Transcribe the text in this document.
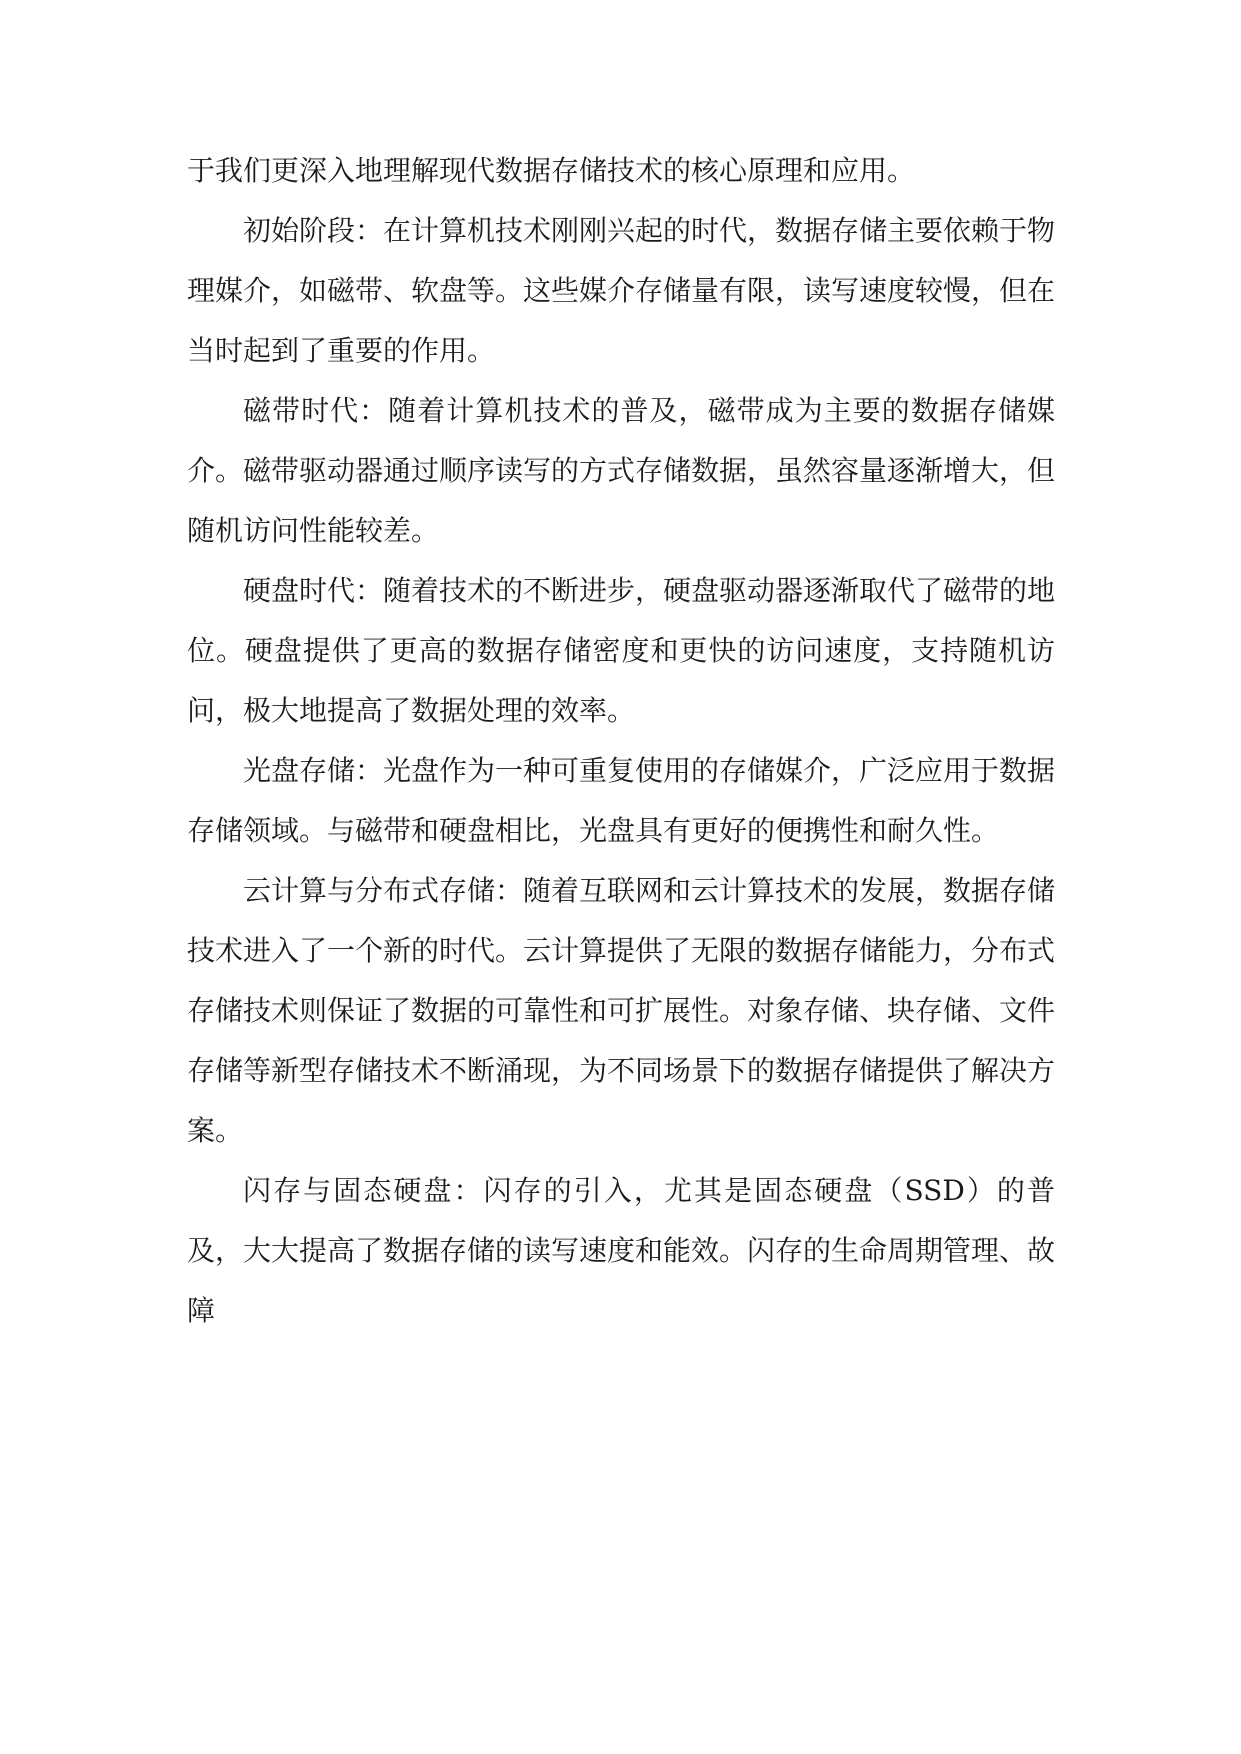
于我们更深入地理解现代数据存储技术的核心原理和应用。

初始阶段：在计算机技术刚刚兴起的时代，数据存储主要依赖于物理媒介，如磁带、软盘等。这些媒介存储量有限，读写速度较慢，但在当时起到了重要的作用。

磁带时代：随着计算机技术的普及，磁带成为主要的数据存储媒介。磁带驱动器通过顺序读写的方式存储数据，虽然容量逐渐增大，但随机访问性能较差。

硬盘时代：随着技术的不断进步，硬盘驱动器逐渐取代了磁带的地位。硬盘提供了更高的数据存储密度和更快的访问速度，支持随机访问，极大地提高了数据处理的效率。

光盘存储：光盘作为一种可重复使用的存储媒介，广泛应用于数据存储领域。与磁带和硬盘相比，光盘具有更好的便携性和耐久性。

云计算与分布式存储：随着互联网和云计算技术的发展，数据存储技术进入了一个新的时代。云计算提供了无限的数据存储能力，分布式存储技术则保证了数据的可靠性和可扩展性。对象存储、块存储、文件存储等新型存储技术不断涌现，为不同场景下的数据存储提供了解决方案。

闪存与固态硬盘：闪存的引入，尤其是固态硬盘（SSD）的普及，大大提高了数据存储的读写速度和能效。闪存的生命周期管理、故障
